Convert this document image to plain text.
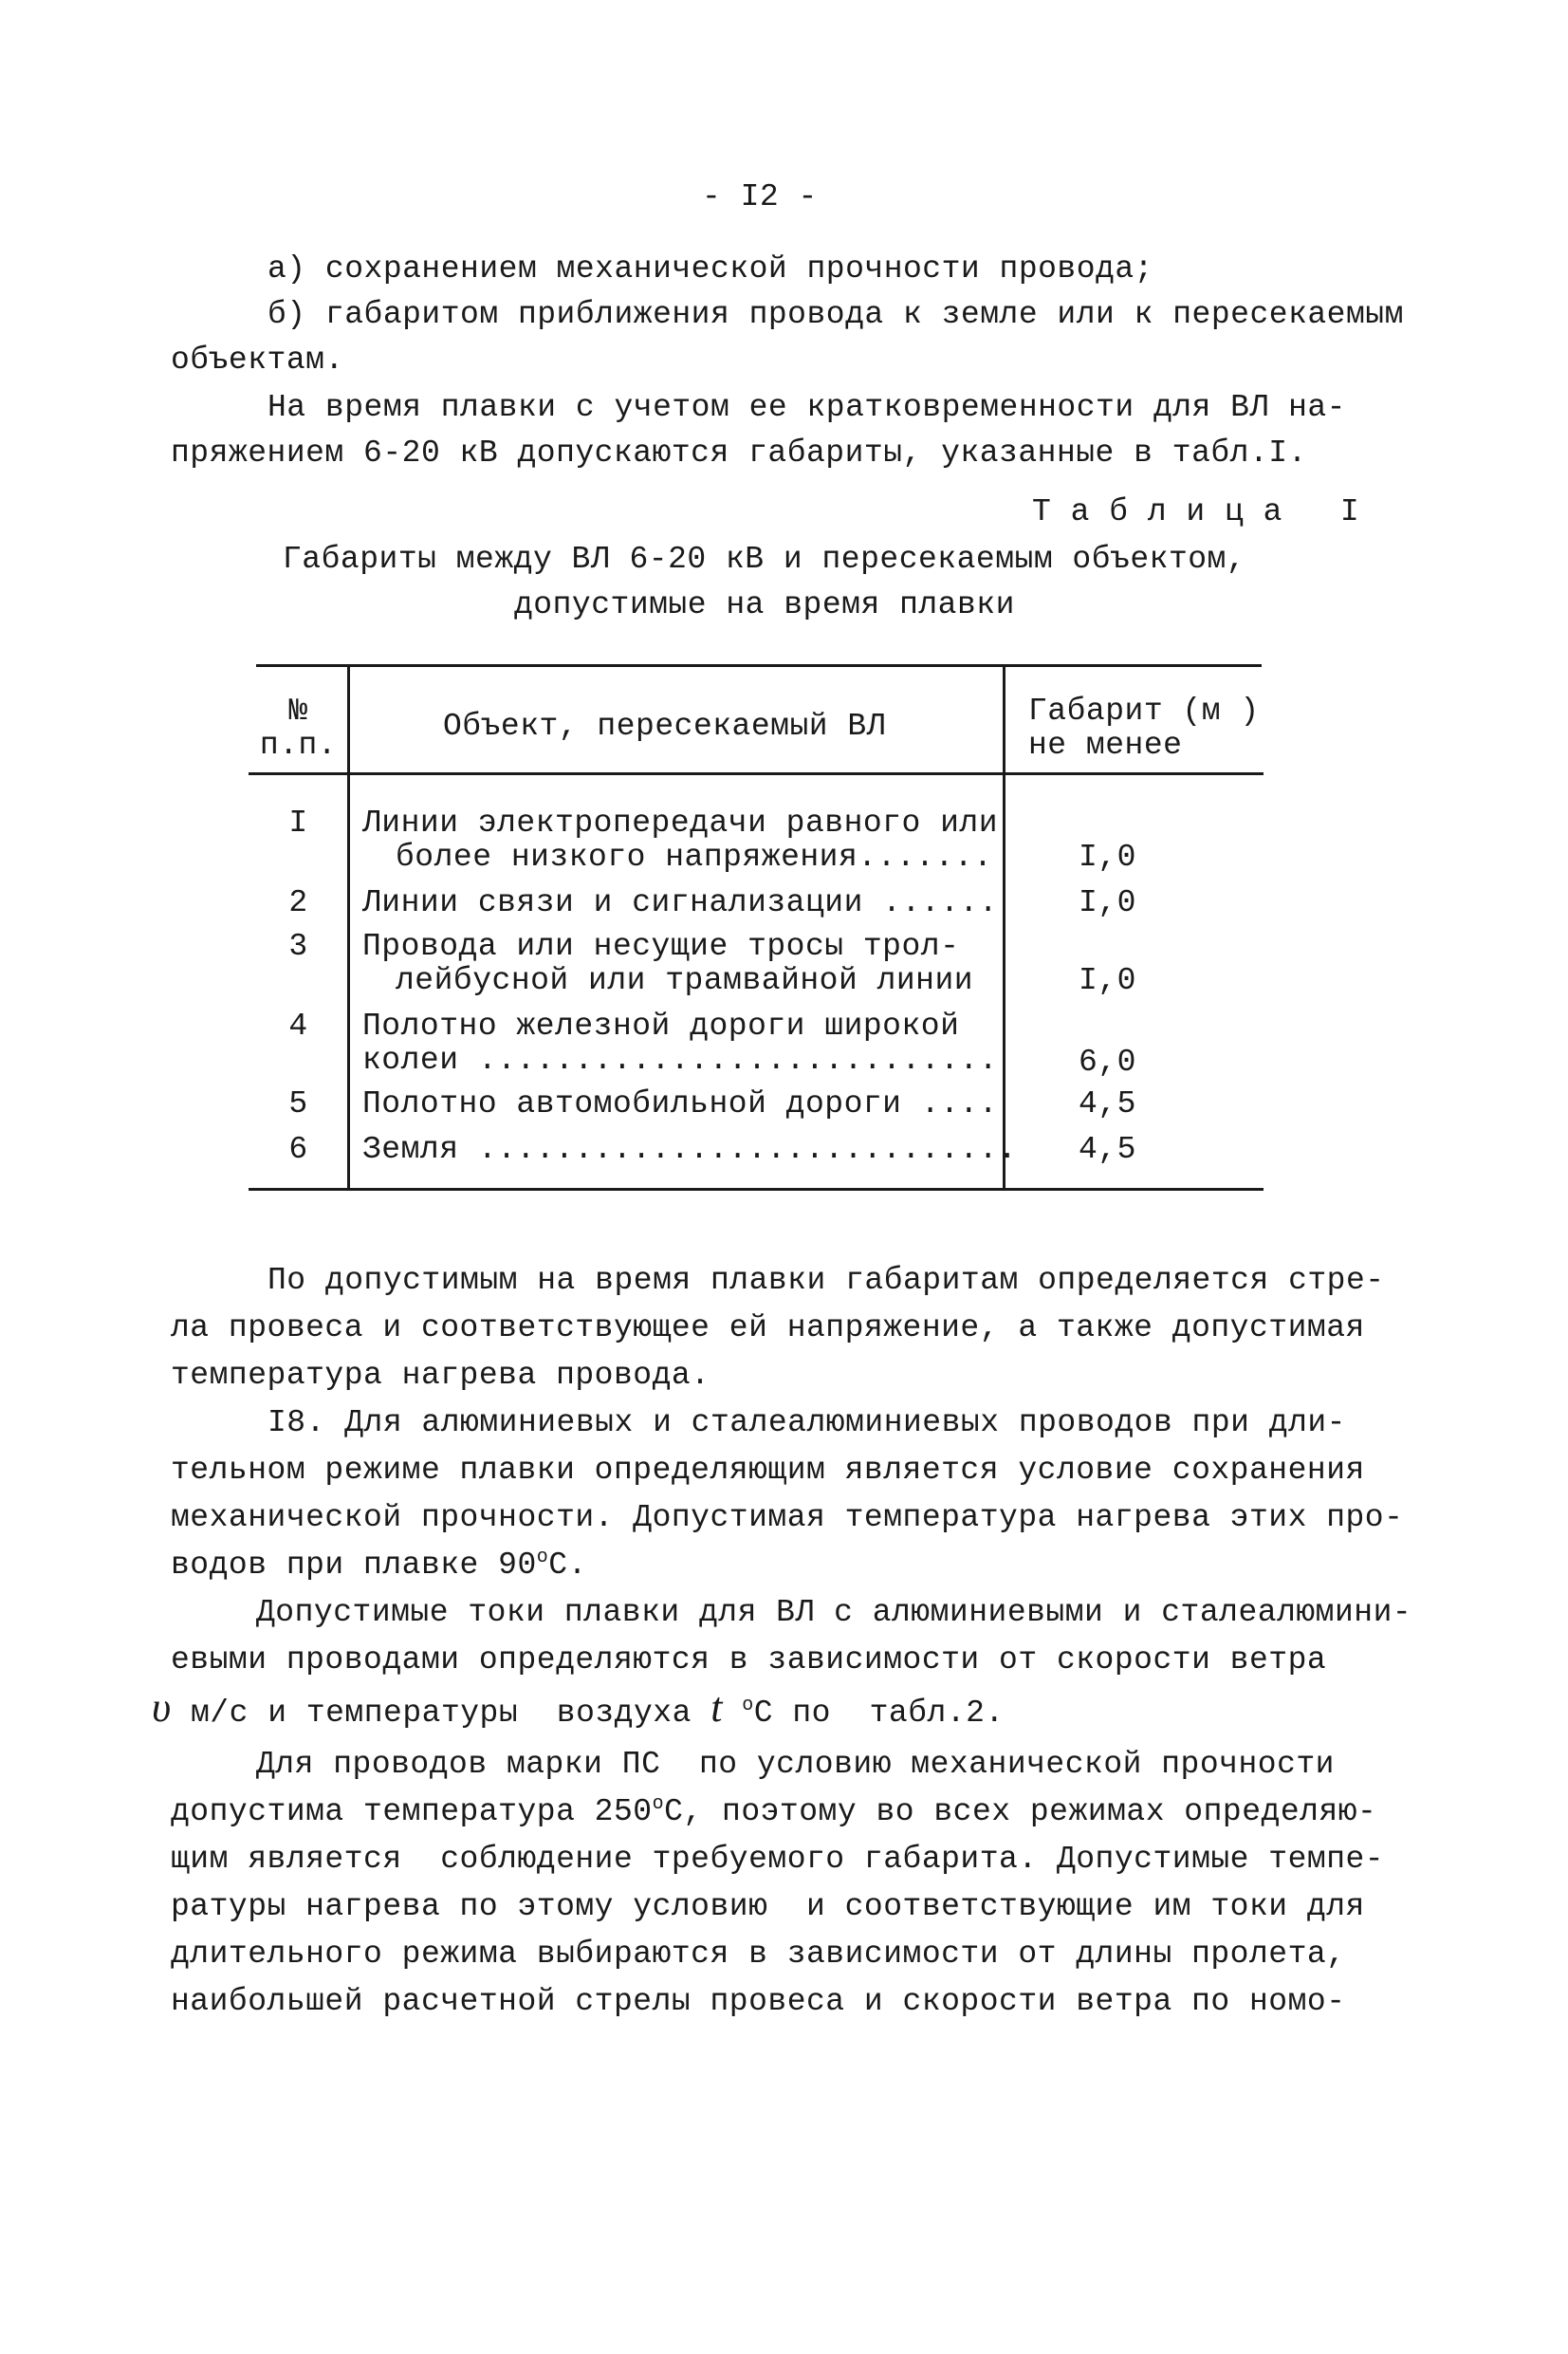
- I2 -
а) сохранением механической прочности провода;
б) габаритом приближения провода к земле или к пересекаемым
объектам.
На время плавки с учетом ее кратковременности для ВЛ на-
пряжением 6-20 кВ допускаются габариты, указанные в табл.I.
Т а б л и ц а   I
Габариты между ВЛ 6-20 кВ и пересекаемым объектом,
допустимые на время плавки
№
п.п.
Объект, пересекаемый ВЛ	Габарит (м )
не менее
I	Линии электропередачи равного или
более низкого напряжения.......	I,0
2	Линии связи и сигнализации ......	I,0
3	Провода или несущие тросы трол-
лейбусной или трамвайной линии	I,0
4	Полотно железной дороги широкой
колеи ...........................	6,0
5	Полотно автомобильной дороги ....	4,5
6	Земля ............................ 4,5
По допустимым на время плавки габаритам определяется стре-
ла провеса и соответствующее ей напряжение, а также допустимая
температура нагрева провода.
I8. Для алюминиевых и сталеалюминиевых проводов при дли-
тельном режиме плавки определяющим является условие сохранения
механической прочности. Допустимая температура нагрева этих про-
водов при плавке $90^оС$.
Допустимые токи плавки для ВЛ с алюминиевыми и сталеалюмини-
евыми проводами определяются в зависимости от скорости ветра
υ м/с и температуры  воздуха t $^о$С по  табл.2.
Для проводов марки ПС  по условию механической прочности
допустима температура $250^оС$, поэтому во всех режимах определяю-
щим является  соблюдение требуемого габарита. Допустимые темпе-
ратуры нагрева по этому условию  и соответствующие им токи для
длительного режима выбираются в зависимости от длины пролета,
наибольшей расчетной стрелы провеса и скорости ветра по номо-
